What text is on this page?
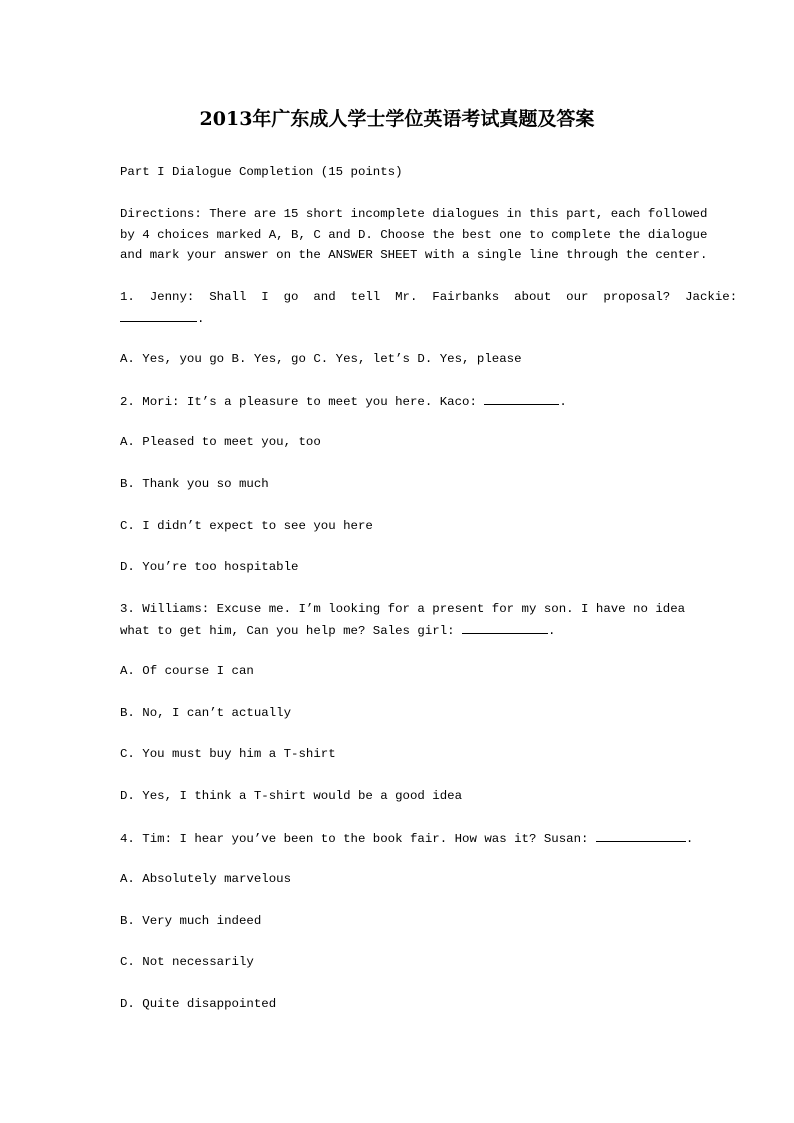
2013年广东成人学士学位英语考试真题及答案
Part I Dialogue Completion (15 points)
Directions: There are 15 short incomplete dialogues in this part, each followed
by 4 choices marked A, B, C and D. Choose the best one to complete the dialogue
and mark your answer on the ANSWER SHEET with a single line through the center.
1.  Jenny:  Shall  I  go  and  tell  Mr.  Fairbanks  about  our  proposal?  Jackie:
.
A. Yes, you go B. Yes, go C. Yes, let’s D. Yes, please
2. Mori: It’s a pleasure to meet you here. Kaco:	.
A. Pleased to meet you, too
B. Thank you so much
C. I didn’t expect to see you here
D. You’re too hospitable
3. Williams: Excuse me. I’m looking for a present for my son. I have no idea
what to get him, Can you help me? Sales girl:	.
A. Of course I can
B. No, I can’t actually
C. You must buy him a T-shirt
D. Yes, I think a T-shirt would be a good idea
4. Tim: I hear you’ve been to the book fair. How was it? Susan:	.
A. Absolutely marvelous
B. Very much indeed
C. Not necessarily
D. Quite disappointed
